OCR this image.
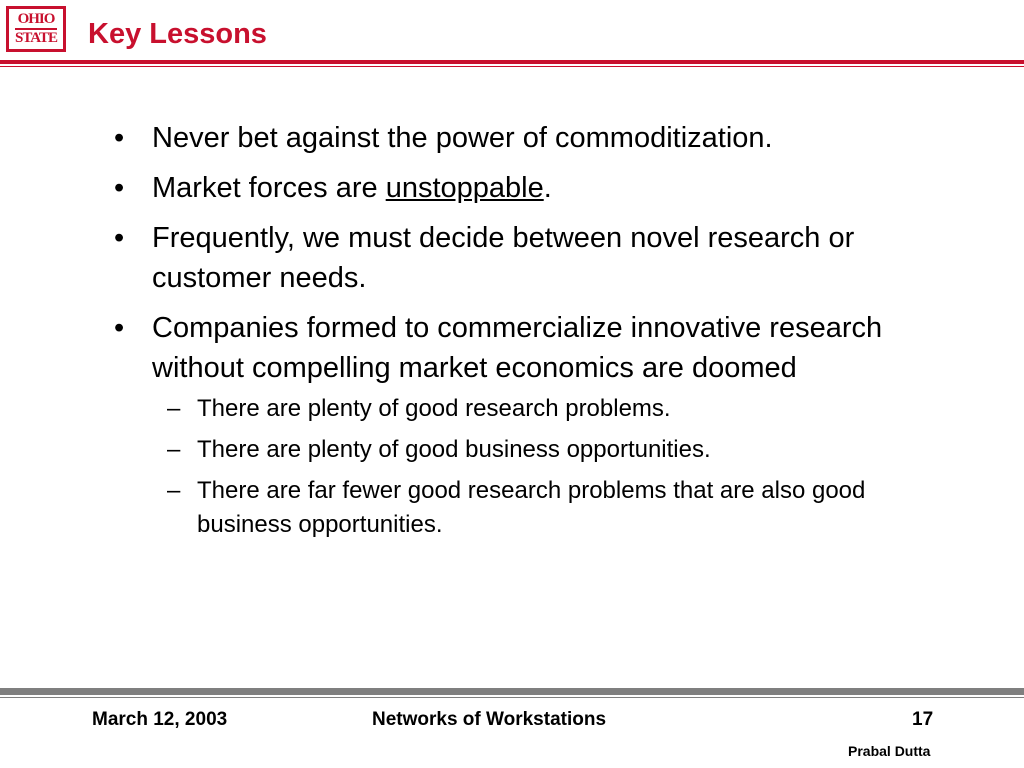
OHIO
STATE Key Lessons
• Never bet against the power of commoditization.
• Market forces are unstoppable.
• Frequently, we must decide between novel research or customer needs.
• Companies formed to commercialize innovative research without compelling market economics are doomed
– There are plenty of good research problems.
– There are plenty of good business opportunities.
– There are far fewer good research problems that are also good business opportunities.
March 12, 2003	Networks of Workstations	17
Prabal Dutta
